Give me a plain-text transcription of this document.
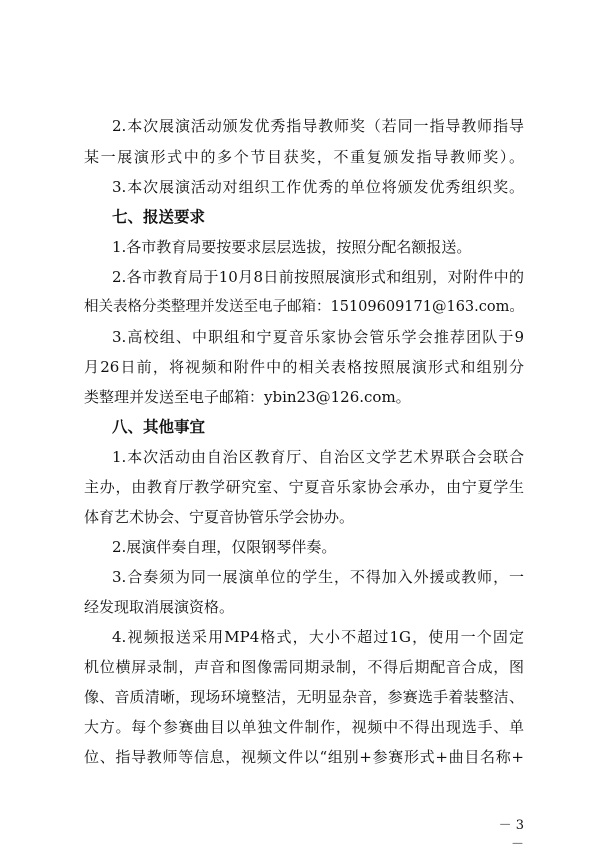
2.本次展演活动颁发优秀指导教师奖（若同一指导教师指导
某一展演形式中的多个节目获奖，不重复颁发指导教师奖）。
3.本次展演活动对组织工作优秀的单位将颁发优秀组织奖。
七、报送要求
1.各市教育局要按要求层层选拔，按照分配名额报送。
2.各市教育局于10月8日前按照展演形式和组别，对附件中的
相关表格分类整理并发送至电子邮箱：15109609171@163.com。
3.高校组、中职组和宁夏音乐家协会管乐学会推荐团队于9
月26日前，将视频和附件中的相关表格按照展演形式和组别分
类整理并发送至电子邮箱：ybin23@126.com。
八、其他事宜
1.本次活动由自治区教育厅、自治区文学艺术界联合会联合
主办，由教育厅教学研究室、宁夏音乐家协会承办，由宁夏学生
体育艺术协会、宁夏音协管乐学会协办。
2.展演伴奏自理，仅限钢琴伴奏。
3.合奏须为同一展演单位的学生，不得加入外援或教师，一
经发现取消展演资格。
4.视频报送采用MP4格式，大小不超过1G，使用一个固定
机位横屏录制，声音和图像需同期录制，不得后期配音合成，图
像、音质清晰，现场环境整洁，无明显杂音，参赛选手着装整洁、
大方。每个参赛曲目以单独文件制作，视频中不得出现选手、单
位、指导教师等信息，视频文件以“组别+参赛形式+曲目名称+
－ 3 －
